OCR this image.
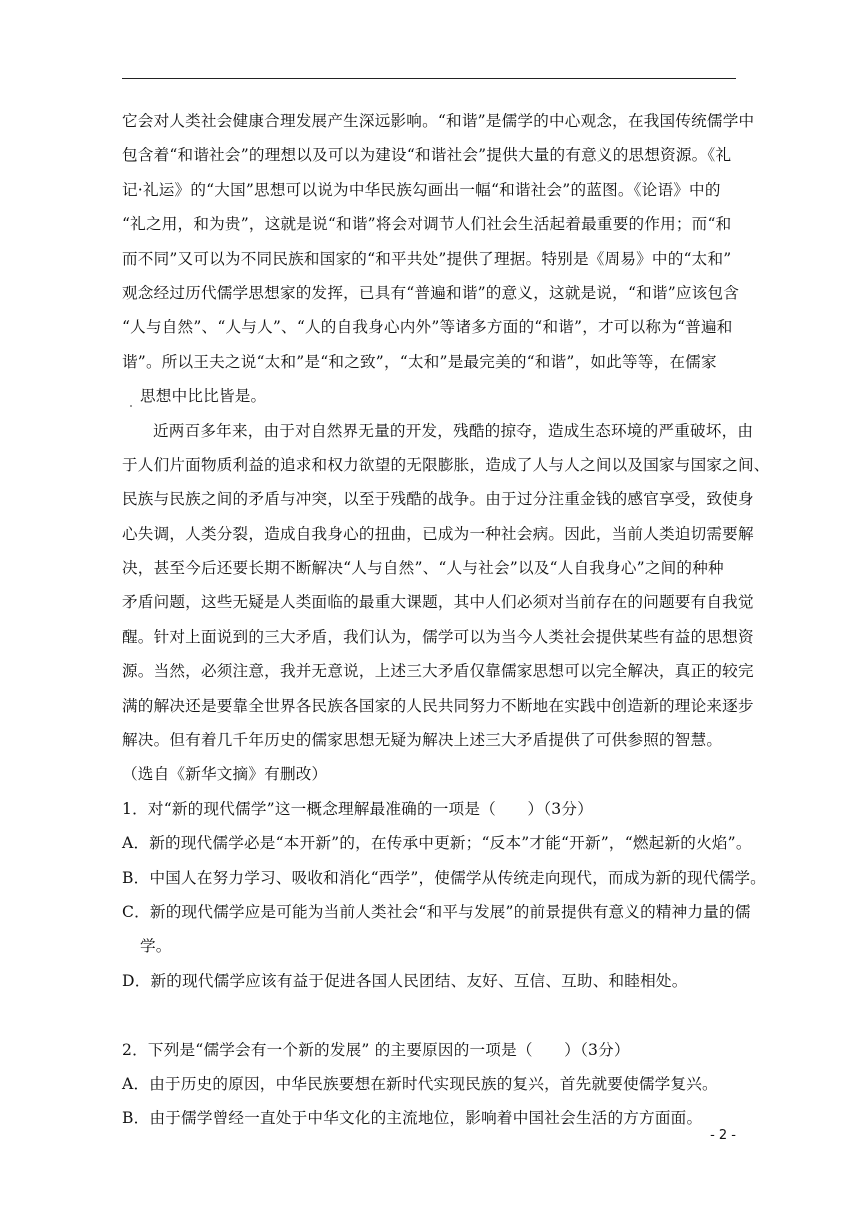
它会对人类社会健康合理发展产生深远影响。“和谐”是儒学的中心观念，在我国传统儒学中
包含着“和谐社会”的理想以及可以为建设“和谐社会”提供大量的有意义的思想资源。《礼
记·礼运》的“大国”思想可以说为中华民族勾画出一幅“和谐社会”的蓝图。《论语》中的
“礼之用，和为贵”，这就是说“和谐”将会对调节人们社会生活起着最重要的作用；而“和
而不同”又可以为不同民族和国家的“和平共处”提供了理据。特别是《周易》中的“太和”
观念经过历代儒学思想家的发挥，已具有“普遍和谐”的意义，这就是说，“和谐”应该包含
“人与自然”、“人与人”、“人的自我身心内外”等诸多方面的“和谐”，才可以称为“普遍和
谐”。所以王夫之说“太和”是“和之致”，“太和”是最完美的“和谐”，如此等等，在儒家
思想中比比皆是。
近两百多年来，由于对自然界无量的开发，残酷的掠夺，造成生态环境的严重破坏，由
于人们片面物质利益的追求和权力欲望的无限膨胀，造成了人与人之间以及国家与国家之间、
民族与民族之间的矛盾与冲突，以至于残酷的战争。由于过分注重金钱的感官享受，致使身
心失调，人类分裂，造成自我身心的扭曲，已成为一种社会病。因此，当前人类迫切需要解
决，甚至今后还要长期不断解决“人与自然”、“人与社会”以及“人自我身心”之间的种种
矛盾问题，这些无疑是人类面临的最重大课题，其中人们必须对当前存在的问题要有自我觉
醒。针对上面说到的三大矛盾，我们认为，儒学可以为当今人类社会提供某些有益的思想资
源。当然，必须注意，我并无意说，上述三大矛盾仅靠儒家思想可以完全解决，真正的较完
满的解决还是要靠全世界各民族各国家的人民共同努力不断地在实践中创造新的理论来逐步
解决。但有着几千年历史的儒家思想无疑为解决上述三大矛盾提供了可供参照的智慧。
（选自《新华文摘》有删改）
1．对“新的现代儒学”这一概念理解最准确的一项是（　　）（3分）
A．新的现代儒学必是“本开新”的，在传承中更新；“反本”才能“开新”，“燃起新的火焰”。
B．中国人在努力学习、吸收和消化“西学”，使儒学从传统走向现代，而成为新的现代儒学。
C．新的现代儒学应是可能为当前人类社会“和平与发展”的前景提供有意义的精神力量的儒
学。
D．新的现代儒学应该有益于促进各国人民团结、友好、互信、互助、和睦相处。
2．下列是“儒学会有一个新的发展” 的主要原因的一项是（　　）（3分）
A．由于历史的原因，中华民族要想在新时代实现民族的复兴，首先就要使儒学复兴。
B．由于儒学曾经一直处于中华文化的主流地位，影响着中国社会生活的方方面面。
- 2 -
